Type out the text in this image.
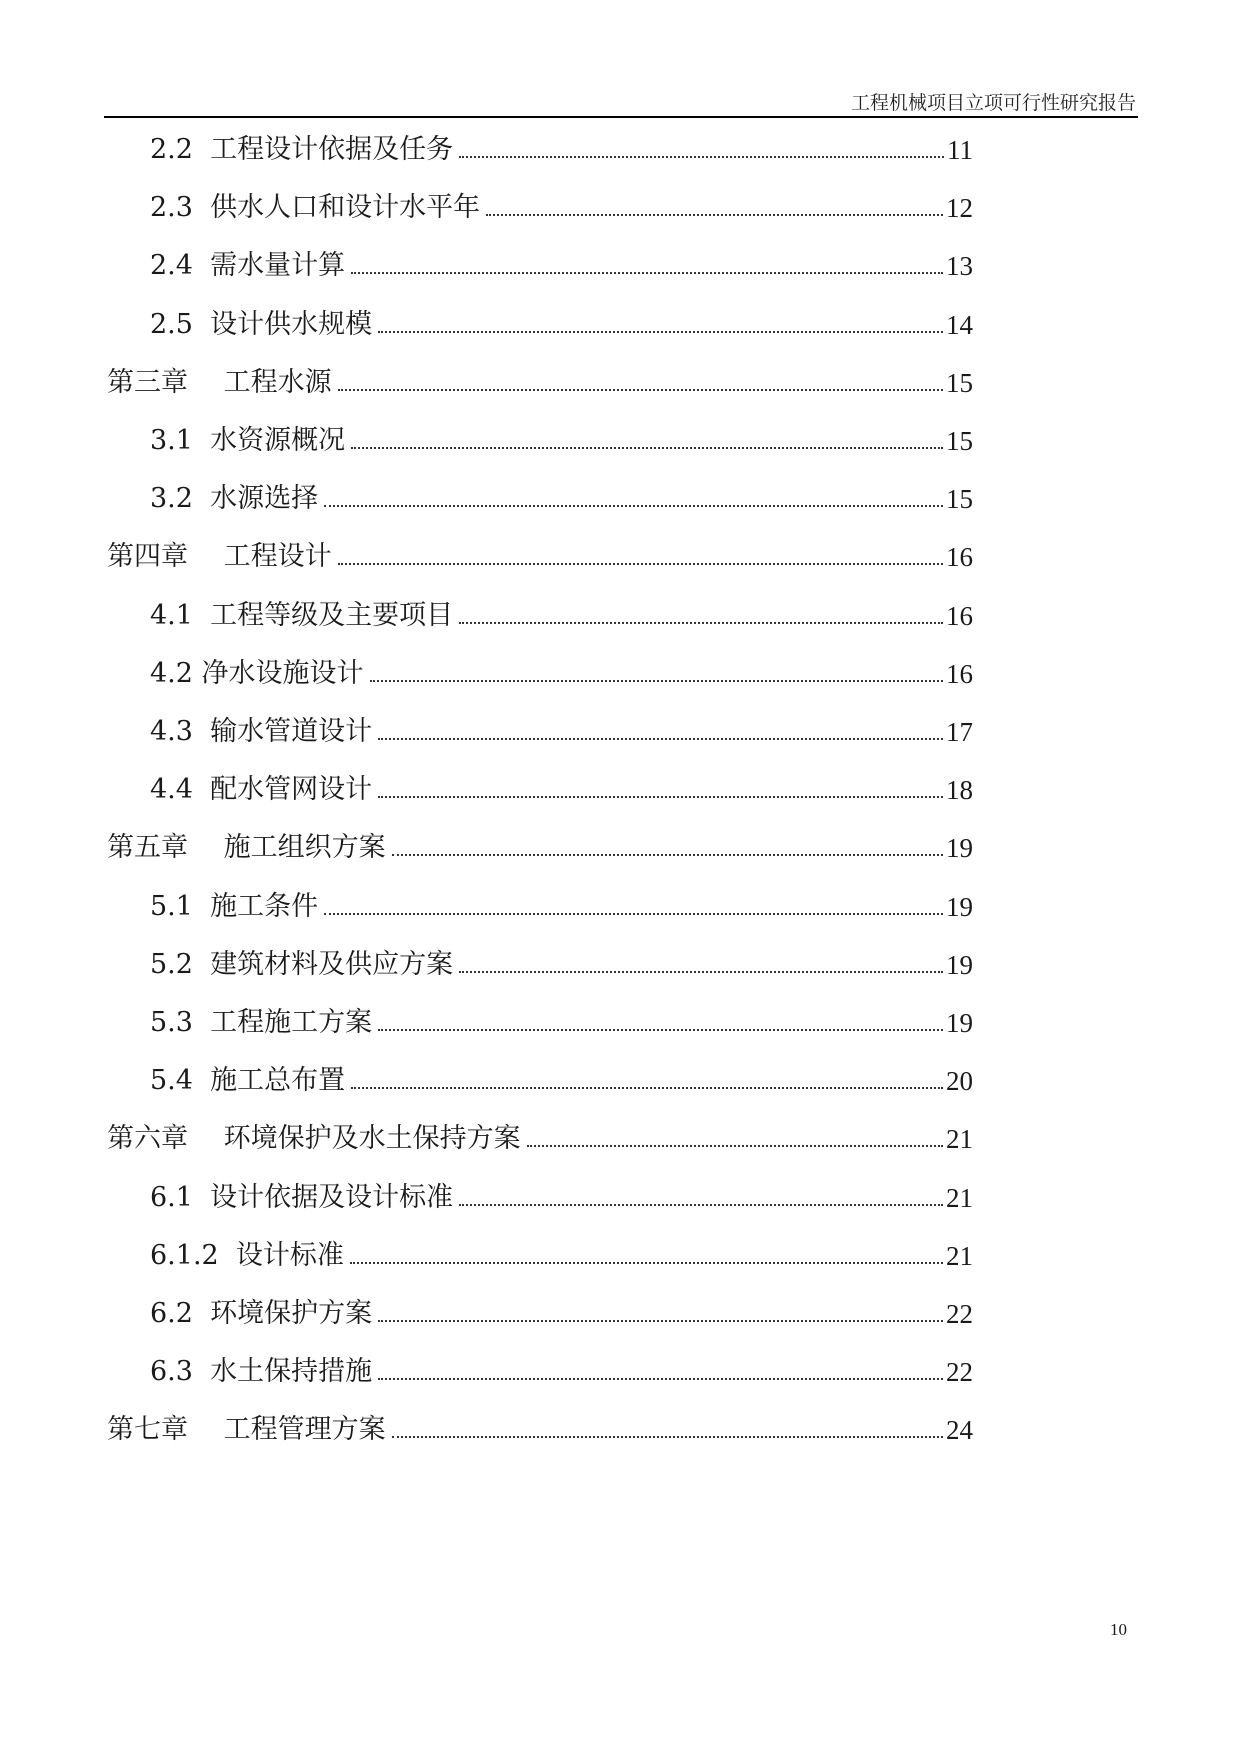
工程机械项目立项可行性研究报告
2.2  工程设计依据及任务	11
2.3  供水人口和设计水平年	12
2.4  需水量计算	13
2.5  设计供水规模	14
第三章　 工程水源	15
3.1  水资源概况	15
3.2  水源选择	15
第四章　 工程设计	16
4.1  工程等级及主要项目	16
4.2 净水设施设计	16
4.3  输水管道设计	17
4.4  配水管网设计	18
第五章　 施工组织方案	19
5.1  施工条件	19
5.2  建筑材料及供应方案	19
5.3  工程施工方案	19
5.4  施工总布置	20
第六章　 环境保护及水土保持方案	21
6.1  设计依据及设计标准	21
6.1.2  设计标准	21
6.2  环境保护方案	22
6.3  水土保持措施	22
第七章　 工程管理方案	24
10
